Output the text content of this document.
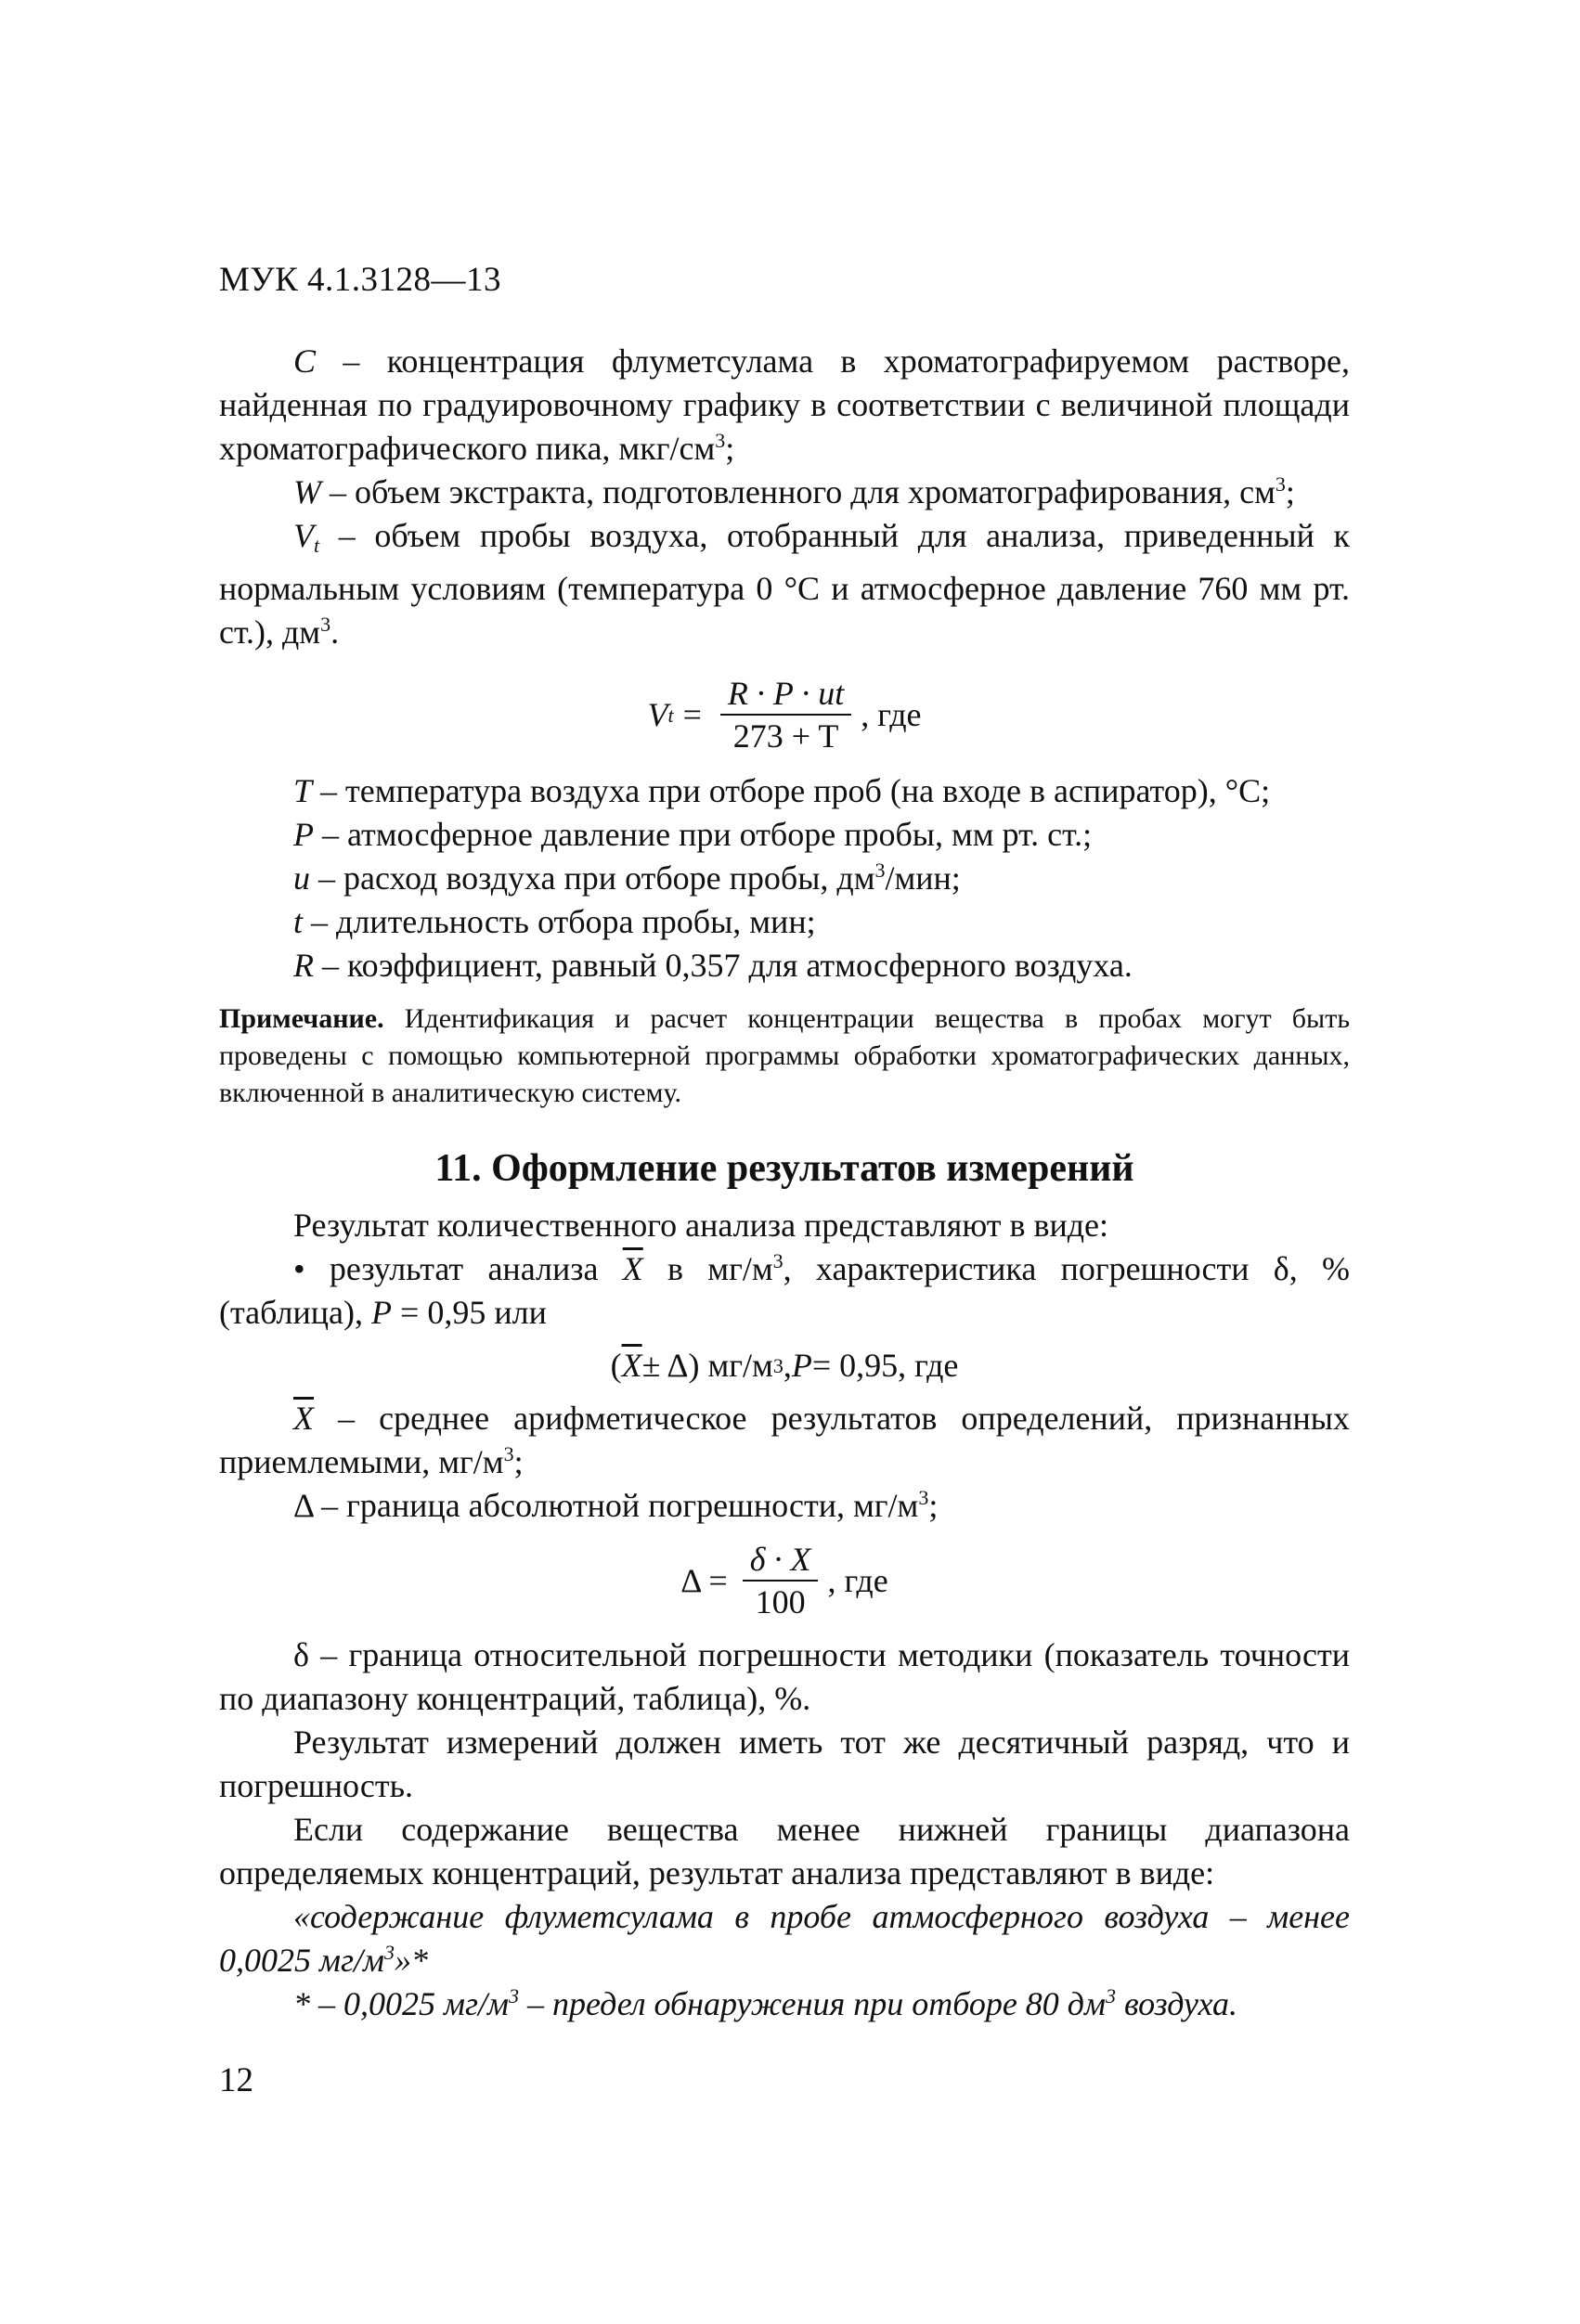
МУК 4.1.3128—13

C – концентрация флуметсулама в хроматографируемом растворе, найденная по градуировочному графику в соответствии с величиной площади хроматографического пика, мкг/$см^3$;

W – объем экстракта, подготовленного для хроматографирования, $см^3$;

Vt – объем пробы воздуха, отобранный для анализа, приведенный к нормальным условиям (температура 0 °С и атмосферное давление 760 мм рт. ст.), $дм^3$.

V $t = \frac{R \cdot P \cdot ut}{273 + T}$ , где

T – температура воздуха при отборе проб (на входе в аспиратор), °С;

P – атмосферное давление при отборе пробы, мм рт. ст.;

u – расход воздуха при отборе пробы, $дм^3$/мин;

t – длительность отбора пробы, мин;

R – коэффициент, равный 0,357 для атмосферного воздуха.

Примечание. Идентификация и расчет концентрации вещества в пробах могут быть проведены с помощью компьютерной программы обработки хроматографических данных, включенной в аналитическую систему.

11. Оформление результатов измерений

Результат количественного анализа представляют в виде:

• результат анализа $\overline{X}$ в $мг/м^3$, характеристика погрешности δ, % (таблица), P = 0,95 или

( $\overline{X} \pm \Delta$) мг/м 3 , P = 0,95, где

$\overline{X}$ – среднее арифметическое результатов определений, признанных приемлемыми, $мг/м^3$;

Δ – граница абсолютной погрешности, $мг/м^3$;

$\Delta = \frac{\delta \cdot X}{100}$ , где

δ – граница относительной погрешности методики (показатель точности по диапазону концентраций, таблица), %.

Результат измерений должен иметь тот же десятичный разряд, что и погрешность.

Если содержание вещества менее нижней границы диапазона определяемых концентраций, результат анализа представляют в виде:

«содержание флуметсулама в пробе атмосферного воздуха – менее 0,0025 $мг/м^3»*$

* – 0,0025 $мг/м^3$ – предел обнаружения при отборе 80 $дм^3$ воздуха.

12
